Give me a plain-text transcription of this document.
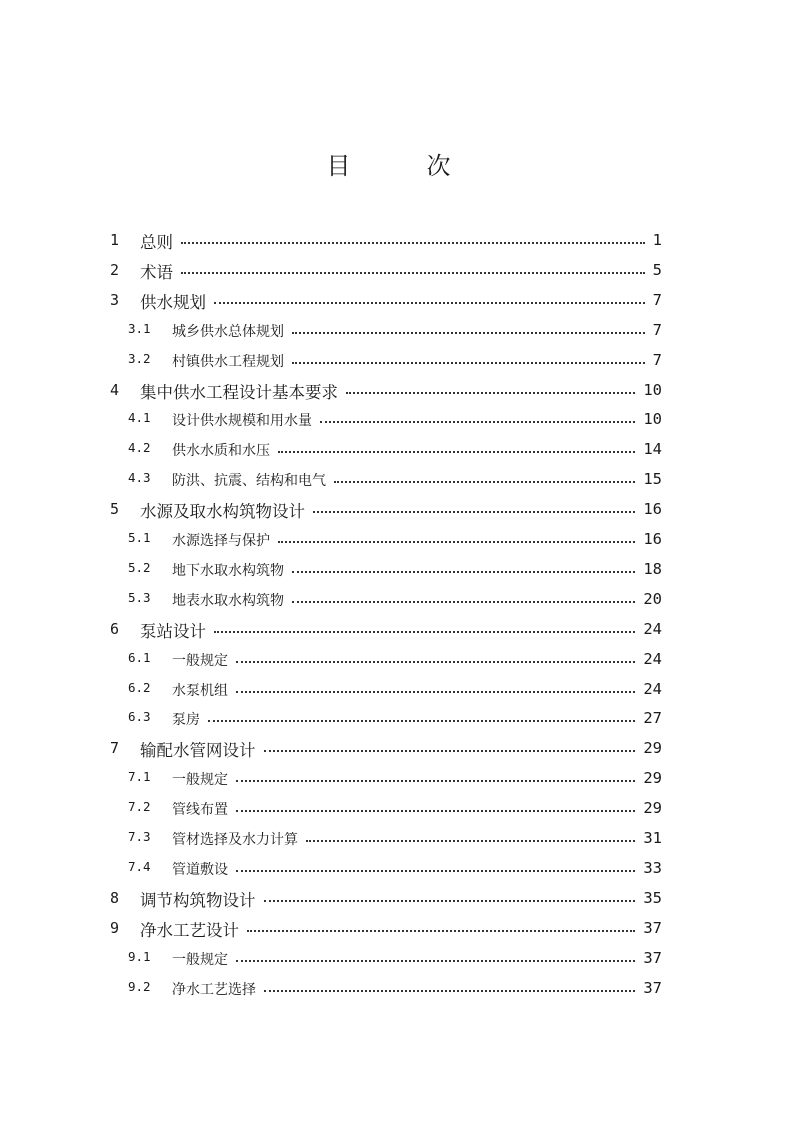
目　次
1 总则	1
2 术语	5
3 供水规划	7
3.1 城乡供水总体规划	7
3.2 村镇供水工程规划	7
4 集中供水工程设计基本要求	10
4.1 设计供水规模和用水量	10
4.2 供水水质和水压	14
4.3 防洪、抗震、结构和电气	15
5 水源及取水构筑物设计	16
5.1 水源选择与保护	16
5.2 地下水取水构筑物	18
5.3 地表水取水构筑物	20
6 泵站设计	24
6.1 一般规定	24
6.2 水泵机组	24
6.3 泵房	27
7 输配水管网设计	29
7.1 一般规定	29
7.2 管线布置	29
7.3 管材选择及水力计算	31
7.4 管道敷设	33
8 调节构筑物设计	35
9 净水工艺设计	37
9.1 一般规定	37
9.2 净水工艺选择	37
